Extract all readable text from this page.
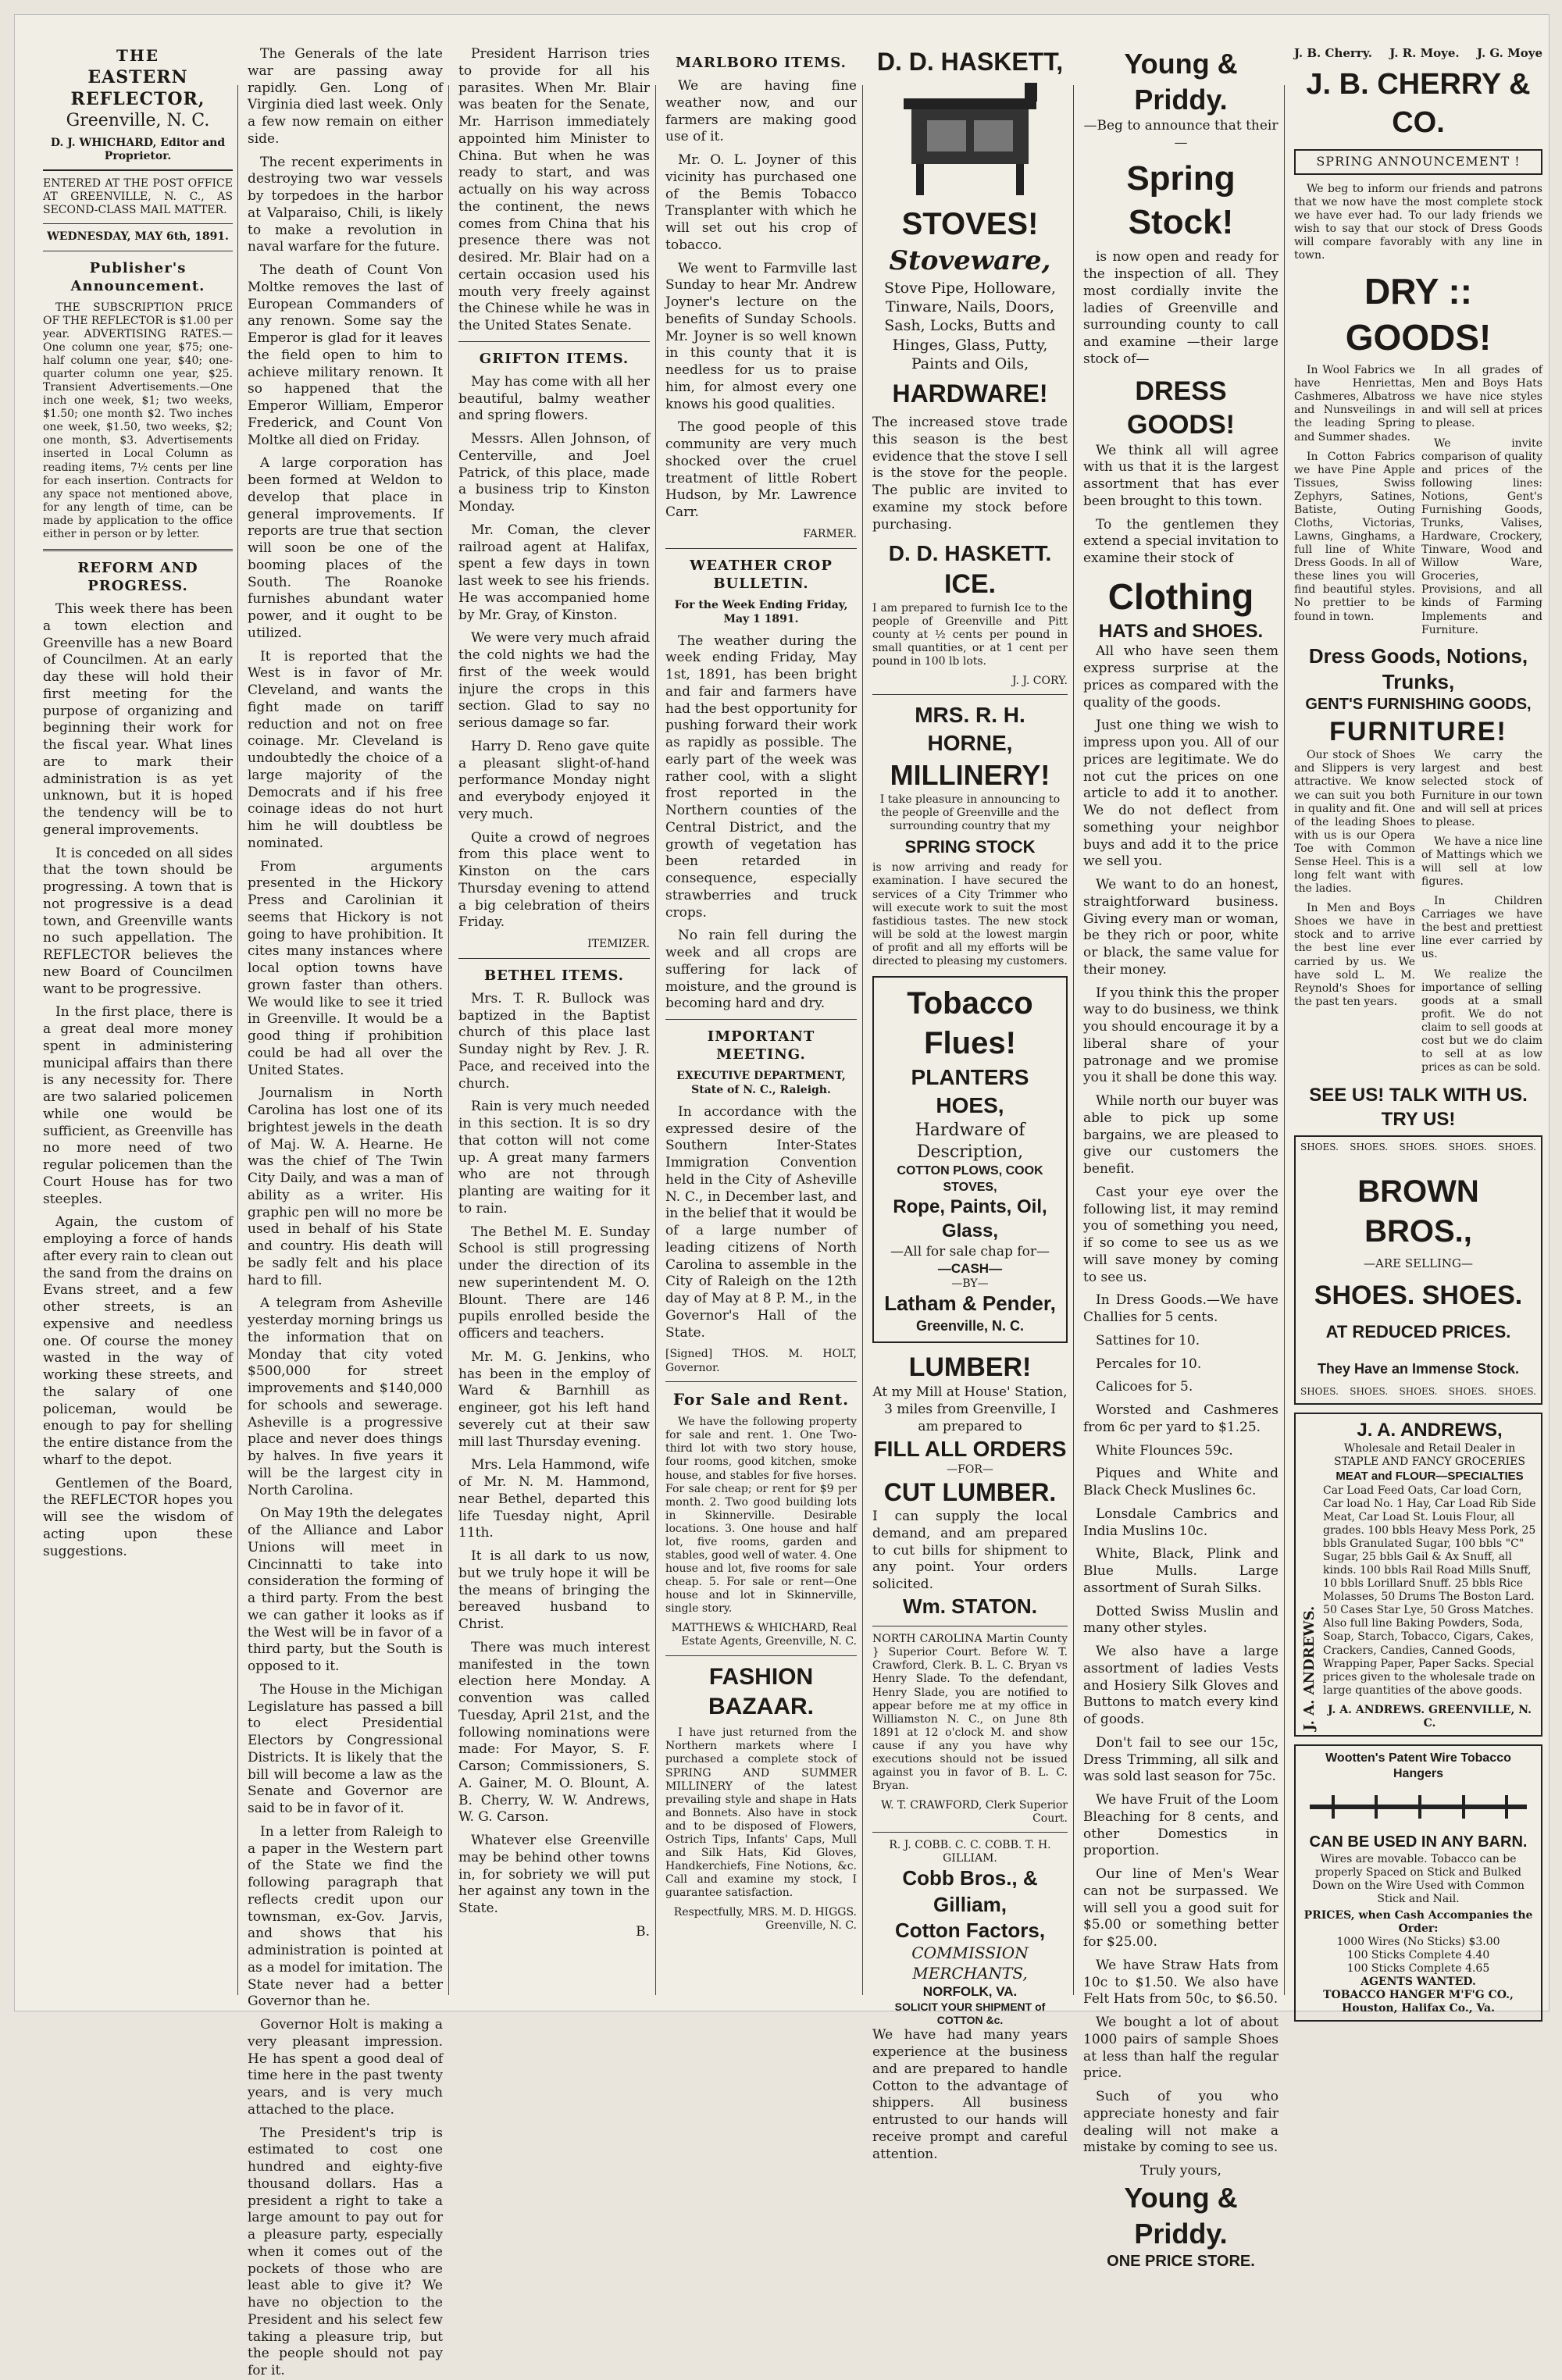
THE
EASTERN REFLECTOR,
Greenville, N. C.
D. J. WHICHARD, Editor and Proprietor.
ENTERED AT THE POST OFFICE AT GREENVILLE, N. C., AS SECOND-CLASS MAIL MATTER.
WEDNESDAY, MAY 6th, 1891.
Publisher's Announcement.

THE SUBSCRIPTION PRICE OF THE REFLECTOR is $1.00 per year. ADVERTISING RATES.—One column one year, $75; one-half column one year, $40; one-quarter column one year, $25. Transient Advertisements.—One inch one week, $1; two weeks, $1.50; one month $2. Two inches one week, $1.50, two weeks, $2; one month, $3. Advertisements inserted in Local Column as reading items, 7½ cents per line for each insertion. Contracts for any space not mentioned above, for any length of time, can be made by application to the office either in person or by letter.

REFORM AND PROGRESS.

This week there has been a town election and Greenville has a new Board of Councilmen. At an early day these will hold their first meeting for the purpose of organizing and beginning their work for the fiscal year. What lines are to mark their administration is as yet unknown, but it is hoped the tendency will be to general improvements.

It is conceded on all sides that the town should be progressing. A town that is not progressive is a dead town, and Greenville wants no such appellation. The REFLECTOR believes the new Board of Councilmen want to be progressive.

In the first place, there is a great deal more money spent in administering municipal affairs than there is any necessity for. There are two salaried policemen while one would be sufficient, as Greenville has no more need of two regular policemen than the Court House has for two steeples.

Again, the custom of employing a force of hands after every rain to clean out the sand from the drains on Evans street, and a few other streets, is an expensive and needless one. Of course the money wasted in the way of working these streets, and the salary of one policeman, would be enough to pay for shelling the entire distance from the wharf to the depot.

Gentlemen of the Board, the REFLECTOR hopes you will see the wisdom of acting upon these suggestions.

The Generals of the late war are passing away rapidly. Gen. Long of Virginia died last week. Only a few now remain on either side.

The recent experiments in destroying two war vessels by torpedoes in the harbor at Valparaiso, Chili, is likely to make a revolution in naval warfare for the future.

The death of Count Von Moltke removes the last of European Commanders of any renown. Some say the Emperor is glad for it leaves the field open to him to achieve military renown. It so happened that the Emperor William, Emperor Frederick, and Count Von Moltke all died on Friday.

A large corporation has been formed at Weldon to develop that place in general improvements. If reports are true that section will soon be one of the booming places of the South. The Roanoke furnishes abundant water power, and it ought to be utilized.

It is reported that the West is in favor of Mr. Cleveland, and wants the fight made on tariff reduction and not on free coinage. Mr. Cleveland is undoubtedly the choice of a large majority of the Democrats and if his free coinage ideas do not hurt him he will doubtless be nominated.

From arguments presented in the Hickory Press and Carolinian it seems that Hickory is not going to have prohibition. It cites many instances where local option towns have grown faster than others. We would like to see it tried in Greenville. It would be a good thing if prohibition could be had all over the United States.

Journalism in North Carolina has lost one of its brightest jewels in the death of Maj. W. A. Hearne. He was the chief of The Twin City Daily, and was a man of ability as a writer. His graphic pen will no more be used in behalf of his State and country. His death will be sadly felt and his place hard to fill.

A telegram from Asheville yesterday morning brings us the information that on Monday that city voted $500,000 for street improvements and $140,000 for schools and sewerage. Asheville is a progressive place and never does things by halves. In five years it will be the largest city in North Carolina.

On May 19th the delegates of the Alliance and Labor Unions will meet in Cincinnatti to take into consideration the forming of a third party. From the best we can gather it looks as if the West will be in favor of a third party, but the South is opposed to it.

The House in the Michigan Legislature has passed a bill to elect Presidential Electors by Congressional Districts. It is likely that the bill will become a law as the Senate and Governor are said to be in favor of it.

In a letter from Raleigh to a paper in the Western part of the State we find the following paragraph that reflects credit upon our townsman, ex-Gov. Jarvis, and shows that his administration is pointed at as a model for imitation. The State never had a better Governor than he.

Governor Holt is making a very pleasant impression. He has spent a good deal of time here in the past twenty years, and is very much attached to the place.

The President's trip is estimated to cost one hundred and eighty-five thousand dollars. Has a president a right to take a large amount to pay out for a pleasure party, especially when it comes out of the pockets of those who are least able to give it? We have no objection to the President and his select few taking a pleasure trip, but the people should not pay for it.

President Harrison tries to provide for all his parasites. When Mr. Blair was beaten for the Senate, Mr. Harrison immediately appointed him Minister to China. But when he was ready to start, and was actually on his way across the continent, the news comes from China that his presence there was not desired. Mr. Blair had on a certain occasion used his mouth very freely against the Chinese while he was in the United States Senate.

GRIFTON ITEMS.

May has come with all her beautiful, balmy weather and spring flowers.

Messrs. Allen Johnson, of Centerville, and Joel Patrick, of this place, made a business trip to Kinston Monday.

Mr. Coman, the clever railroad agent at Halifax, spent a few days in town last week to see his friends. He was accompanied home by Mr. Gray, of Kinston.

We were very much afraid the cold nights we had the first of the week would injure the crops in this section. Glad to say no serious damage so far.

Harry D. Reno gave quite a pleasant slight-of-hand performance Monday night and everybody enjoyed it very much.

Quite a crowd of negroes from this place went to Kinston on the cars Thursday evening to attend a big celebration of theirs Friday.

ITEMIZER.
BETHEL ITEMS.

Mrs. T. R. Bullock was baptized in the Baptist church of this place last Sunday night by Rev. J. R. Pace, and received into the church.

Rain is very much needed in this section. It is so dry that cotton will not come up. A great many farmers who are not through planting are waiting for it to rain.

The Bethel M. E. Sunday School is still progressing under the direction of its new superintendent M. O. Blount. There are 146 pupils enrolled beside the officers and teachers.

Mr. M. G. Jenkins, who has been in the employ of Ward & Barnhill as engineer, got his left hand severely cut at their saw mill last Thursday evening.

Mrs. Lela Hammond, wife of Mr. N. M. Hammond, near Bethel, departed this life Tuesday night, April 11th.

It is all dark to us now, but we truly hope it will be the means of bringing the bereaved husband to Christ.

There was much interest manifested in the town election here Monday. A convention was called Tuesday, April 21st, and the following nominations were made: For Mayor, S. F. Carson; Commissioners, S. A. Gainer, M. O. Blount, A. B. Cherry, W. W. Andrews, W. G. Carson.

Whatever else Greenville may be behind other towns in, for sobriety we will put her against any town in the State.

B.
MARLBORO ITEMS.

We are having fine weather now, and our farmers are making good use of it.

Mr. O. L. Joyner of this vicinity has purchased one of the Bemis Tobacco Transplanter with which he will set out his crop of tobacco.

We went to Farmville last Sunday to hear Mr. Andrew Joyner's lecture on the benefits of Sunday Schools. Mr. Joyner is so well known in this county that it is needless for us to praise him, for almost every one knows his good qualities.

The good people of this community are very much shocked over the cruel treatment of little Robert Hudson, by Mr. Lawrence Carr.

FARMER.
WEATHER CROP BULLETIN.
For the Week Ending Friday, May 1 1891.

The weather during the week ending Friday, May 1st, 1891, has been bright and fair and farmers have had the best opportunity for pushing forward their work as rapidly as possible. The early part of the week was rather cool, with a slight frost reported in the Northern counties of the Central District, and the growth of vegetation has been retarded in consequence, especially strawberries and truck crops.

No rain fell during the week and all crops are suffering for lack of moisture, and the ground is becoming hard and dry.

IMPORTANT MEETING.
EXECUTIVE DEPARTMENT, State of N. C., Raleigh.

In accordance with the expressed desire of the Southern Inter-States Immigration Convention held in the City of Asheville N. C., in December last, and in the belief that it would be of a large number of leading citizens of North Carolina to assemble in the City of Raleigh on the 12th day of May at 8 P. M., in the Governor's Hall of the State.

[Signed] THOS. M. HOLT, Governor.
For Sale and Rent.

We have the following property for sale and rent. 1. One Two-third lot with two story house, four rooms, good kitchen, smoke house, and stables for five horses. For sale cheap; or rent for $9 per month. 2. Two good building lots in Skinnerville. Desirable locations. 3. One house and half lot, five rooms, garden and stables, good well of water. 4. One house and lot, five rooms for sale cheap. 5. For sale or rent—One house and lot in Skinnerville, single story.

MATTHEWS & WHICHARD, Real Estate Agents, Greenville, N. C.
FASHION BAZAAR.

I have just returned from the Northern markets where I purchased a complete stock of SPRING AND SUMMER MILLINERY of the latest prevailing style and shape in Hats and Bonnets. Also have in stock and to be disposed of Flowers, Ostrich Tips, Infants' Caps, Mull and Silk Hats, Kid Gloves, Handkerchiefs, Fine Notions, &c. Call and examine my stock, I guarantee satisfaction.

Respectfully, MRS. M. D. HIGGS. Greenville, N. C.
D. D. HASKETT,
STOVES!
Stoveware,
Stove Pipe, Holloware, Tinware, Nails, Doors, Sash, Locks, Butts and Hinges, Glass, Putty, Paints and Oils,
HARDWARE!

The increased stove trade this season is the best evidence that the stove I sell is the stove for the people. The public are invited to examine my stock before purchasing.

D. D. HASKETT.
ICE.

I am prepared to furnish Ice to the people of Greenville and Pitt county at ½ cents per pound in small quantities, or at 1 cent per pound in 100 lb lots.

J. J. CORY.
MRS. R. H. HORNE,
MILLINERY!
I take pleasure in announcing to the people of Greenville and the surrounding country that my
SPRING STOCK

is now arriving and ready for examination. I have secured the services of a City Trimmer who will execute work to suit the most fastidious tastes. The new stock will be sold at the lowest margin of profit and all my efforts will be directed to pleasing my customers.

Tobacco Flues!
PLANTERS HOES,
Hardware of Description,
COTTON PLOWS, COOK STOVES,
Rope, Paints, Oil, Glass,
—All for sale chap for—
—CASH—
—BY—
Latham & Pender,
Greenville, N. C.
LUMBER!
At my Mill at House' Station, 3 miles from Greenville, I am prepared to
FILL ALL ORDERS
—FOR—
CUT LUMBER.
I can supply the local demand, and am prepared to cut bills for shipment to any point. Your orders solicited.
Wm. STATON.

NORTH CAROLINA Martin County } Superior Court. Before W. T. Crawford, Clerk. B. L. C. Bryan vs Henry Slade. To the defendant, Henry Slade, you are notified to appear before me at my office in Williamston N. C., on June 8th 1891 at 12 o'clock M. and show cause if any you have why executions should not be issued against you in favor of B. L. C. Bryan.

W. T. CRAWFORD, Clerk Superior Court.
R. J. COBB. C. C. COBB. T. H. GILLIAM.
Cobb Bros., & Gilliam,
Cotton Factors,
COMMISSION MERCHANTS,
NORFOLK, VA.
SOLICIT YOUR SHIPMENT of COTTON &c.

We have had many years experience at the business and are prepared to handle Cotton to the advantage of shippers. All business entrusted to our hands will receive prompt and careful attention.

Young & Priddy.
—Beg to announce that their—
Spring Stock!

is now open and ready for the inspection of all. They most cordially invite the ladies of Greenville and surrounding county to call and examine —their large stock of—

DRESS GOODS!

We think all will agree with us that it is the largest assortment that has ever been brought to this town.

To the gentlemen they extend a special invitation to examine their stock of

Clothing
HATS and SHOES.

All who have seen them express surprise at the prices as compared with the quality of the goods.

Just one thing we wish to impress upon you. All of our prices are legitimate. We do not cut the prices on one article to add it to another. We do not deflect from something your neighbor buys and add it to the price we sell you.

We want to do an honest, straightforward business. Giving every man or woman, be they rich or poor, white or black, the same value for their money.

If you think this the proper way to do business, we think you should encourage it by a liberal share of your patronage and we promise you it shall be done this way.

While north our buyer was able to pick up some bargains, we are pleased to give our customers the benefit.

Cast your eye over the following list, it may remind you of something you need, if so come to see us as we will save money by coming to see us.

In Dress Goods.—We have Challies for 5 cents.

Sattines for 10.

Percales for 10.

Calicoes for 5.

Worsted and Cashmeres from 6c per yard to $1.25.

White Flounces 59c.

Piques and White and Black Check Muslines 6c.

Lonsdale Cambrics and India Muslins 10c.

White, Black, Plink and Blue Mulls. Large assortment of Surah Silks.

Dotted Swiss Muslin and many other styles.

We also have a large assortment of ladies Vests and Hosiery Silk Gloves and Buttons to match every kind of goods.

Don't fail to see our 15c, Dress Trimming, all silk and was sold last season for 75c.

We have Fruit of the Loom Bleaching for 8 cents, and other Domestics in proportion.

Our line of Men's Wear can not be surpassed. We will sell you a good suit for $5.00 or something better for $25.00.

We have Straw Hats from 10c to $1.50. We also have Felt Hats from 50c, to $6.50.

We bought a lot of about 1000 pairs of sample Shoes at less than half the regular price.

Such of you who appreciate honesty and fair dealing will not make a mistake by coming to see us.

Truly yours,
Young & Priddy.
ONE PRICE STORE.
J. B. Cherry. J. R. Moye. J. G. Moye
J. B. CHERRY & CO.
SPRING ANNOUNCEMENT !

We beg to inform our friends and patrons that we now have the most complete stock we have ever had. To our lady friends we wish to say that our stock of Dress Goods will compare favorably with any line in town.

DRY :: GOODS!

In Wool Fabrics we have Henriettas, Cashmeres, Albatross and Nunsveilings in the leading Spring and Summer shades.

In Cotton Fabrics we have Pine Apple Tissues, Swiss Zephyrs, Satines, Batiste, Outing Cloths, Victorias, Lawns, Ginghams, a full line of White Dress Goods. In all of these lines you will find beautiful styles. No prettier to be found in town.

In all grades of Men and Boys Hats we have nice styles and will sell at prices to please.

We invite comparison of quality and prices of the following lines: Notions, Gent's Furnishing Goods, Trunks, Valises, Hardware, Crockery, Tinware, Wood and Willow Ware, Groceries, Provisions, and all kinds of Farming Implements and Furniture.

Dress Goods, Notions, Trunks,
GENT'S FURNISHING GOODS,
FURNITURE!

Our stock of Shoes and Slippers is very attractive. We know we can suit you both in quality and fit. One of the leading Shoes with us is our Opera Toe with Common Sense Heel. This is a long felt want with the ladies.

In Men and Boys Shoes we have in stock and to arrive the best line ever carried by us. We have sold L. M. Reynold's Shoes for the past ten years.

We carry the largest and best selected stock of Furniture in our town and will sell at prices to please.

We have a nice line of Mattings which we will sell at low figures.

In Children Carriages we have the best and prettiest line ever carried by us.

We realize the importance of selling goods at a small profit. We do not claim to sell goods at cost but we do claim to sell at as low prices as can be sold.

SEE US! TALK WITH US. TRY US!
SHOES. SHOES. SHOES. SHOES. SHOES.
BROWN BROS.,
—ARE SELLING—
SHOES. SHOES.
AT REDUCED PRICES.
They Have an Immense Stock.
SHOES. SHOES. SHOES. SHOES. SHOES.
J. A. ANDREWS.
J. A. ANDREWS,
Wholesale and Retail Dealer in STAPLE AND FANCY GROCERIES
MEAT and FLOUR—SPECIALTIES

Car Load Feed Oats, Car load Corn, Car load No. 1 Hay, Car Load Rib Side Meat, Car Load St. Louis Flour, all grades. 100 bbls Heavy Mess Pork, 25 bbls Granulated Sugar, 100 bbls "C" Sugar, 25 bbls Gail & Ax Snuff, all kinds. 100 bbls Rail Road Mills Snuff, 10 bbls Lorillard Snuff. 25 bbls Rice Molasses, 50 Drums The Boston Lard. 50 Cases Star Lye, 50 Gross Matches. Also full line Baking Powders, Soda, Soap, Starch, Tobacco, Cigars, Cakes, Crackers, Candies, Canned Goods, Wrapping Paper, Paper Sacks. Special prices given to the wholesale trade on large quantities of the above goods.

J. A. ANDREWS. GREENVILLE, N. C.
Wootten's Patent Wire Tobacco Hangers
CAN BE USED IN ANY BARN.
Wires are movable. Tobacco can be properly Spaced on Stick and Bulked Down on the Wire Used with Common Stick and Nail.
PRICES, when Cash Accompanies the Order:
1000 Wires (No Sticks) $3.00
100 Sticks Complete 4.40
100 Sticks Complete 4.65
AGENTS WANTED.
TOBACCO HANGER M'F'G CO., Houston, Halifax Co., Va.
